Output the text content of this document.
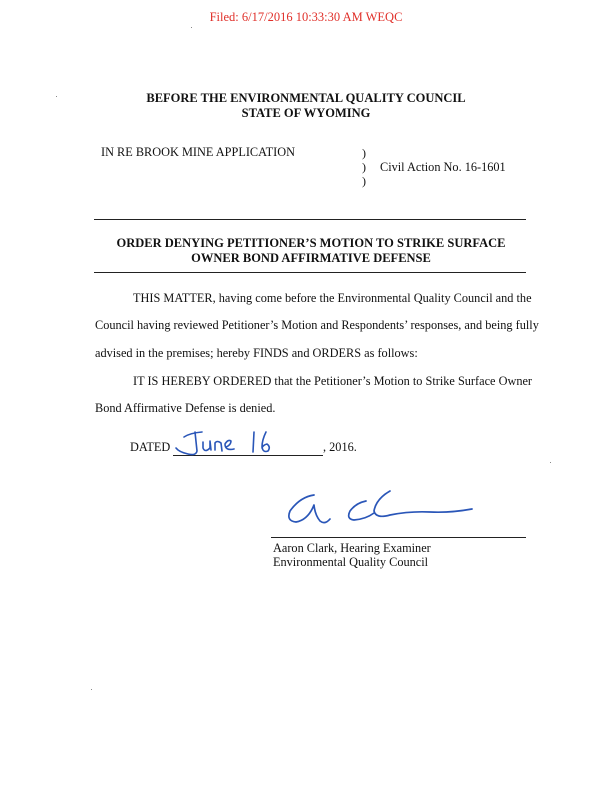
Filed: 6/17/2016 10:33:30 AM WEQC
BEFORE THE ENVIRONMENTAL QUALITY COUNCIL
STATE OF WYOMING
IN RE BROOK MINE APPLICATION	)
)
)
Civil Action No. 16-1601
ORDER DENYING PETITIONER’S MOTION TO STRIKE SURFACE
OWNER BOND AFFIRMATIVE DEFENSE
THIS MATTER, having come before the Environmental Quality Council and the
Council having reviewed Petitioner’s Motion and Respondents’ responses, and being fully
advised in the premises; hereby FINDS and ORDERS as follows:
IT IS HEREBY ORDERED that the Petitioner’s Motion to Strike Surface Owner
Bond Affirmative Defense is denied.
DATED	, 2016.
Aaron Clark, Hearing Examiner
Environmental Quality Council
